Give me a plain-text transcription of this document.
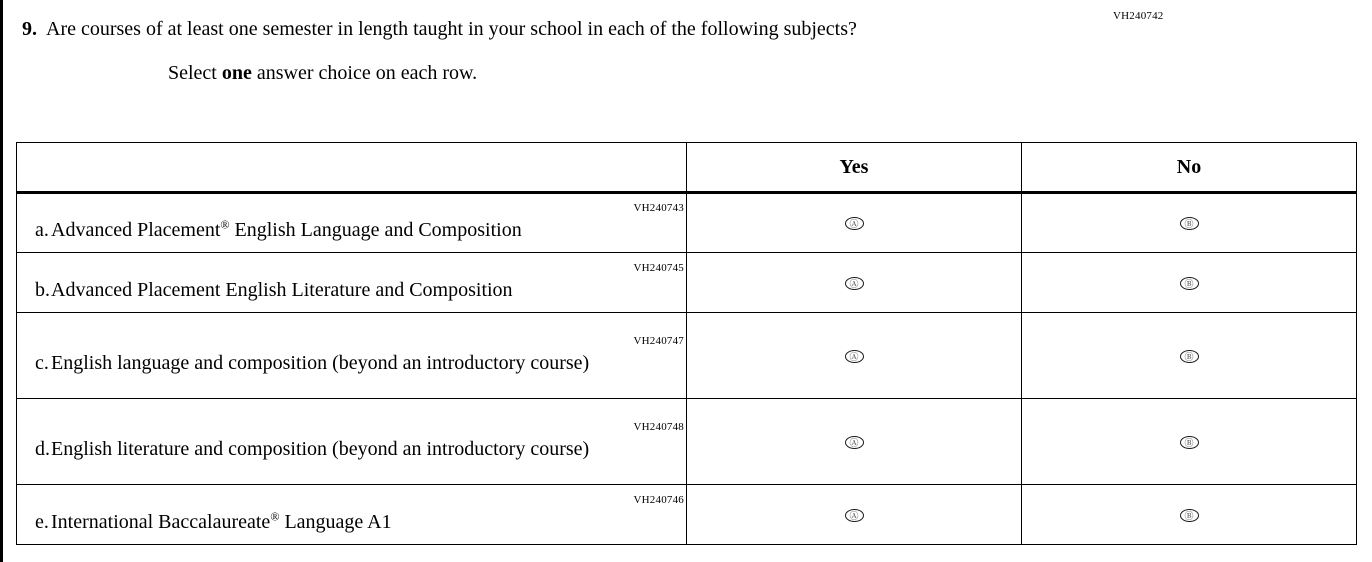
VH240742
9. Are courses of at least one semester in length taught in your school in each of the following subjects?
Select one answer choice on each row.
	Yes	No

VH240743
a. Advanced Placement® English Language and Composition	Ⓐ	Ⓑ

VH240745
b. Advanced Placement English Literature and Composition	Ⓐ	Ⓑ

VH240747
c. English language and composition (beyond an introductory course)	Ⓐ	Ⓑ

VH240748
d. English literature and composition (beyond an introductory course)	Ⓐ	Ⓑ

VH240746
e. International Baccalaureate® Language A1	Ⓐ	Ⓑ
